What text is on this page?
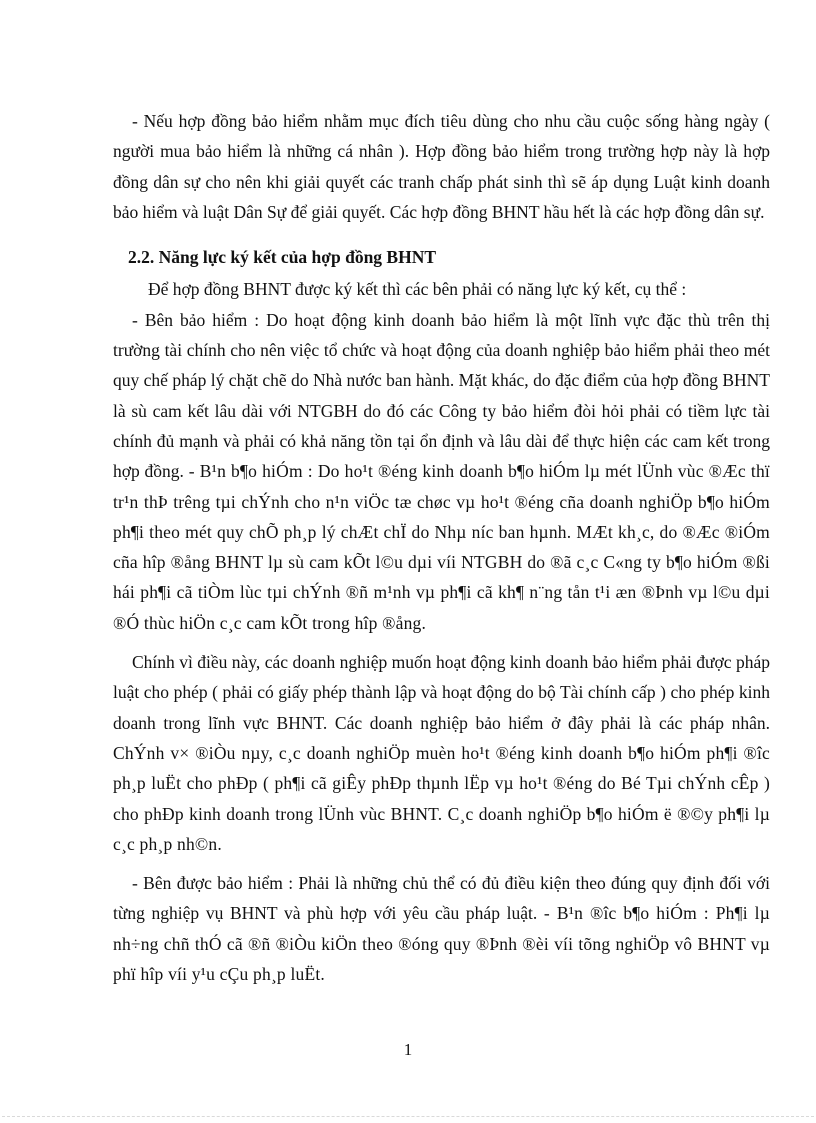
- Nếu hợp đồng bảo hiểm nhằm mục đích tiêu dùng cho nhu cầu cuộc sống hàng ngày ( người mua bảo hiểm là những cá nhân ). Hợp đồng bảo hiểm trong trường hợp này là hợp đồng dân sự cho nên khi giải quyết các tranh chấp phát sinh thì sẽ áp dụng Luật kinh doanh bảo hiểm và luật Dân Sự để giải quyết. Các hợp đồng BHNT hầu hết là các hợp đồng dân sự.

2.2. Năng lực ký kết của hợp đồng BHNT

Để hợp đồng BHNT được ký kết thì các bên phải có năng lực ký kết, cụ thể :

- Bên bảo hiểm : Do hoạt động kinh doanh bảo hiểm là một lĩnh vực đặc thù trên thị trường tài chính cho nên việc tổ chức và hoạt động của doanh nghiệp bảo hiểm phải theo mét quy chế pháp lý chặt chẽ do Nhà nước ban hành. Mặt khác, do đặc điểm của hợp đồng BHNT là sù cam kết lâu dài với NTGBH do đó các Công ty bảo hiểm đòi hỏi phải có tiềm lực tài chính đủ mạnh và phải có khả năng tồn tại ổn định và lâu dài để thực hiện các cam kết trong hợp đồng. - B¹n b¶o hiÓm : Do ho¹t ®éng kinh doanh b¶o hiÓm lµ mét lÜnh vùc ®Æc thï tr¹n thÞ trêng tµi chÝnh cho n¹n viÖc tæ chøc vµ ho¹t ®éng cña doanh nghiÖp b¶o hiÓm ph¶i theo mét quy chÕ ph¸p lý chÆt chÏ do Nhµ níc ban hµnh. MÆt kh¸c, do ®Æc ®iÓm cña hîp ®ång BHNT lµ sù cam kÕt l©u dµi víi NTGBH do ®ã c¸c C«ng ty b¶o hiÓm ®ßi hái ph¶i cã tiÒm lùc tµi chÝnh ®ñ m¹nh vµ ph¶i cã kh¶ n¨ng tån t¹i æn ®Þnh vµ l©u dµi ®Ó thùc hiÖn c¸c cam kÕt trong hîp ®ång.

Chính vì điều này, các doanh nghiệp muốn hoạt động kinh doanh bảo hiểm phải được pháp luật cho phép ( phải có giấy phép thành lập và hoạt động do bộ Tài chính cấp ) cho phép kinh doanh trong lĩnh vực BHNT. Các doanh nghiệp bảo hiểm ở đây phải là các pháp nhân. ChÝnh v× ®iÒu nµy, c¸c doanh nghiÖp muèn ho¹t ®éng kinh doanh b¶o hiÓm ph¶i ®îc ph¸p luËt cho phÐp ( ph¶i cã giÊy phÐp thµnh lËp vµ ho¹t ®éng do Bé Tµi chÝnh cÊp ) cho phÐp kinh doanh trong lÜnh vùc BHNT. C¸c doanh nghiÖp b¶o hiÓm ë ®©y ph¶i lµ c¸c ph¸p nh©n.

- Bên được bảo hiểm : Phải là những chủ thể có đủ điều kiện theo đúng quy định đối với từng nghiệp vụ BHNT và phù hợp với yêu cầu pháp luật. - B¹n ®îc b¶o hiÓm : Ph¶i lµ nh÷ng chñ thÓ cã ®ñ ®iÒu kiÖn theo ®óng quy ®Þnh ®èi víi tõng nghiÖp vô BHNT vµ phï hîp víi y¹u cÇu ph¸p luËt.

1
